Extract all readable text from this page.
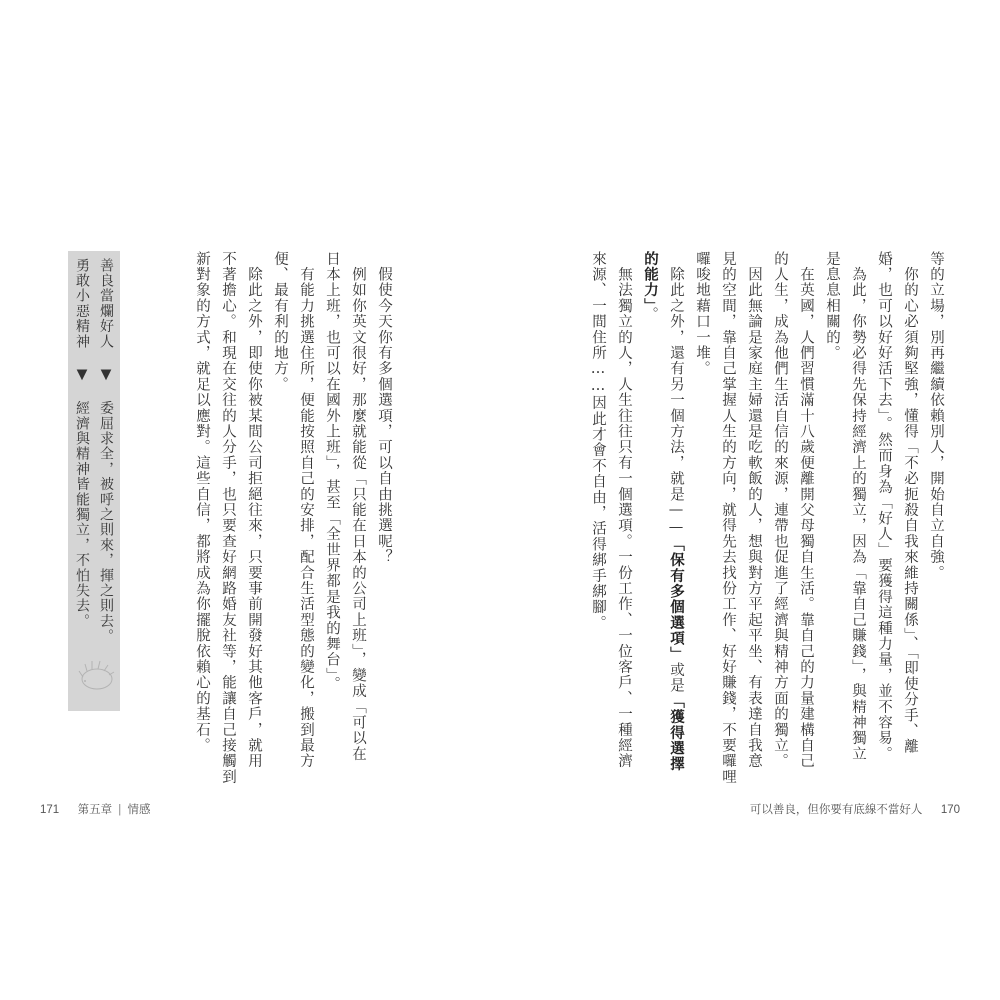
等的立場，別再繼續依賴別人，開始自立自強。
　你的心必須夠堅強，懂得「不必扼殺自我來維持關係」、「即使分手、離
婚，也可以好好活下去」。然而身為「好人」要獲得這種力量，並不容易。
　為此，你勢必得先保持經濟上的獨立，因為「靠自己賺錢」，與精神獨立
是息息相關的。
　在英國，人們習慣滿十八歲便離開父母獨自生活。靠自己的力量建構自己
的人生，成為他們生活自信的來源，連帶也促進了經濟與精神方面的獨立。
　因此無論是家庭主婦還是吃軟飯的人，想與對方平起平坐、有表達自我意
見的空間，靠自己掌握人生的方向，就得先去找份工作、好好賺錢，不要囉哩
囉唆地藉口一堆。
　除此之外，還有另一個方法，就是——「保有多個選項」或是「獲得選擇
的能力」。
　無法獨立的人，人生往往只有一個選項。一份工作、一位客戶、一種經濟
來源、一間住所……因此才會不自由，活得綁手綁腳。
　假使今天你有多個選項，可以自由挑選呢？
　例如你英文很好，那麼就能從「只能在日本的公司上班」，變成「可以在
日本上班，也可以在國外上班」，甚至「全世界都是我的舞台」。
　有能力挑選住所，便能按照自己的安排，配合生活型態的變化，搬到最方
便、最有利的地方。
　除此之外，即使你被某間公司拒絕往來，只要事前開發好其他客戶，就用
不著擔心。和現在交往的人分手，也只要查好網路婚友社等，能讓自己接觸到
新對象的方式，就足以應對。這些自信，都將成為你擺脫依賴心的基石。
善良當爛好人 ▼ 委屈求全，被呼之則來，揮之則去。
勇敢小惡精神 ▼ 經濟與精神皆能獨立，不怕失去。
171 第五章 | 情感	可以善良，但你要有底線不當好人 170
